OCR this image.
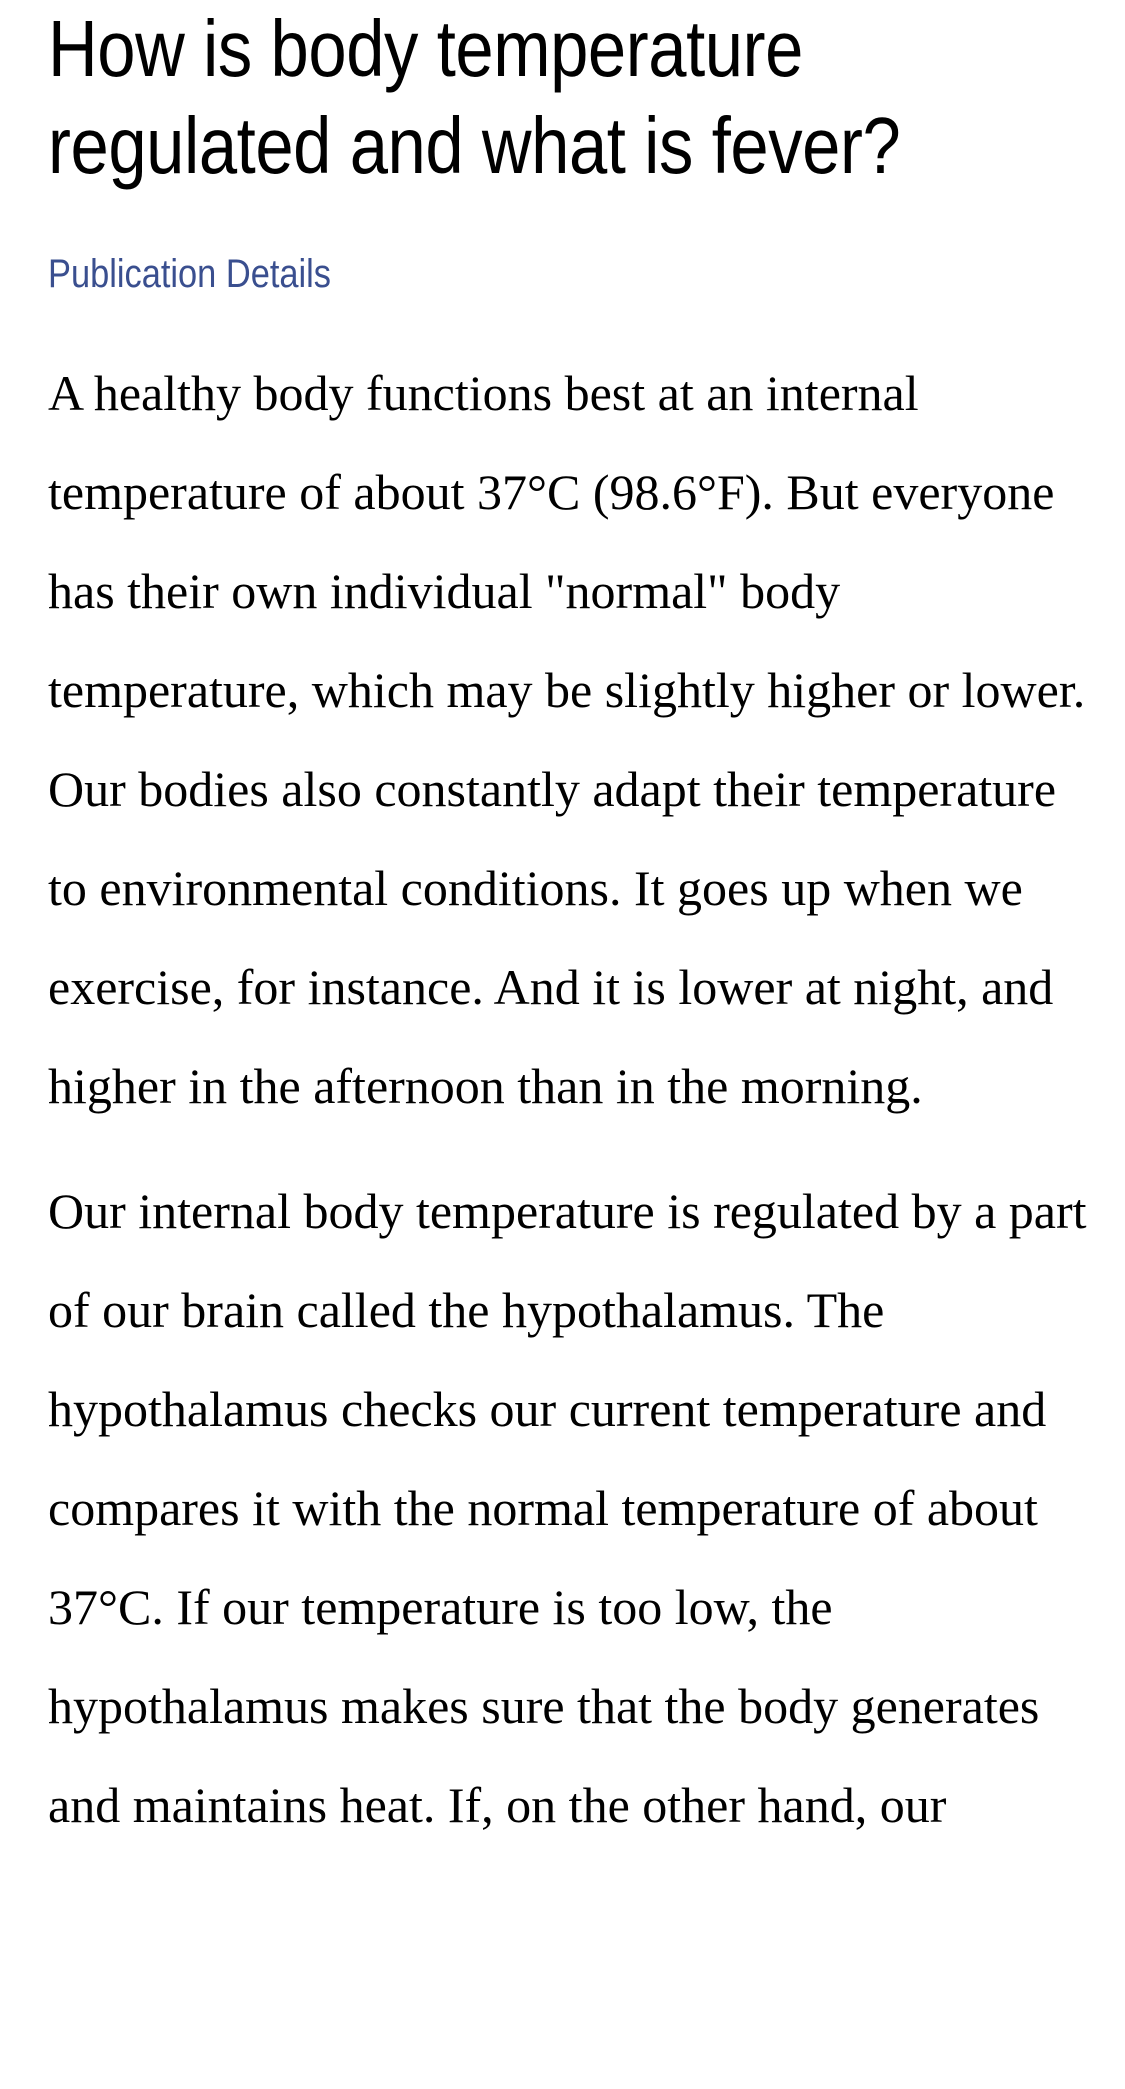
How is body temperature regulated and what is fever?
Publication Details

A healthy body functions best at an internal temperature of about 37°C (98.6°F). But everyone has their own individual "normal" body temperature, which may be slightly higher or lower. Our bodies also constantly adapt their temperature to environmental conditions. It goes up when we exercise, for instance. And it is lower at night, and higher in the afternoon than in the morning.

Our internal body temperature is regulated by a part of our brain called the hypothalamus. The hypothalamus checks our current temperature and compares it with the normal temperature of about 37°C. If our temperature is too low, the hypothalamus makes sure that the body generates and maintains heat. If, on the other hand, our
